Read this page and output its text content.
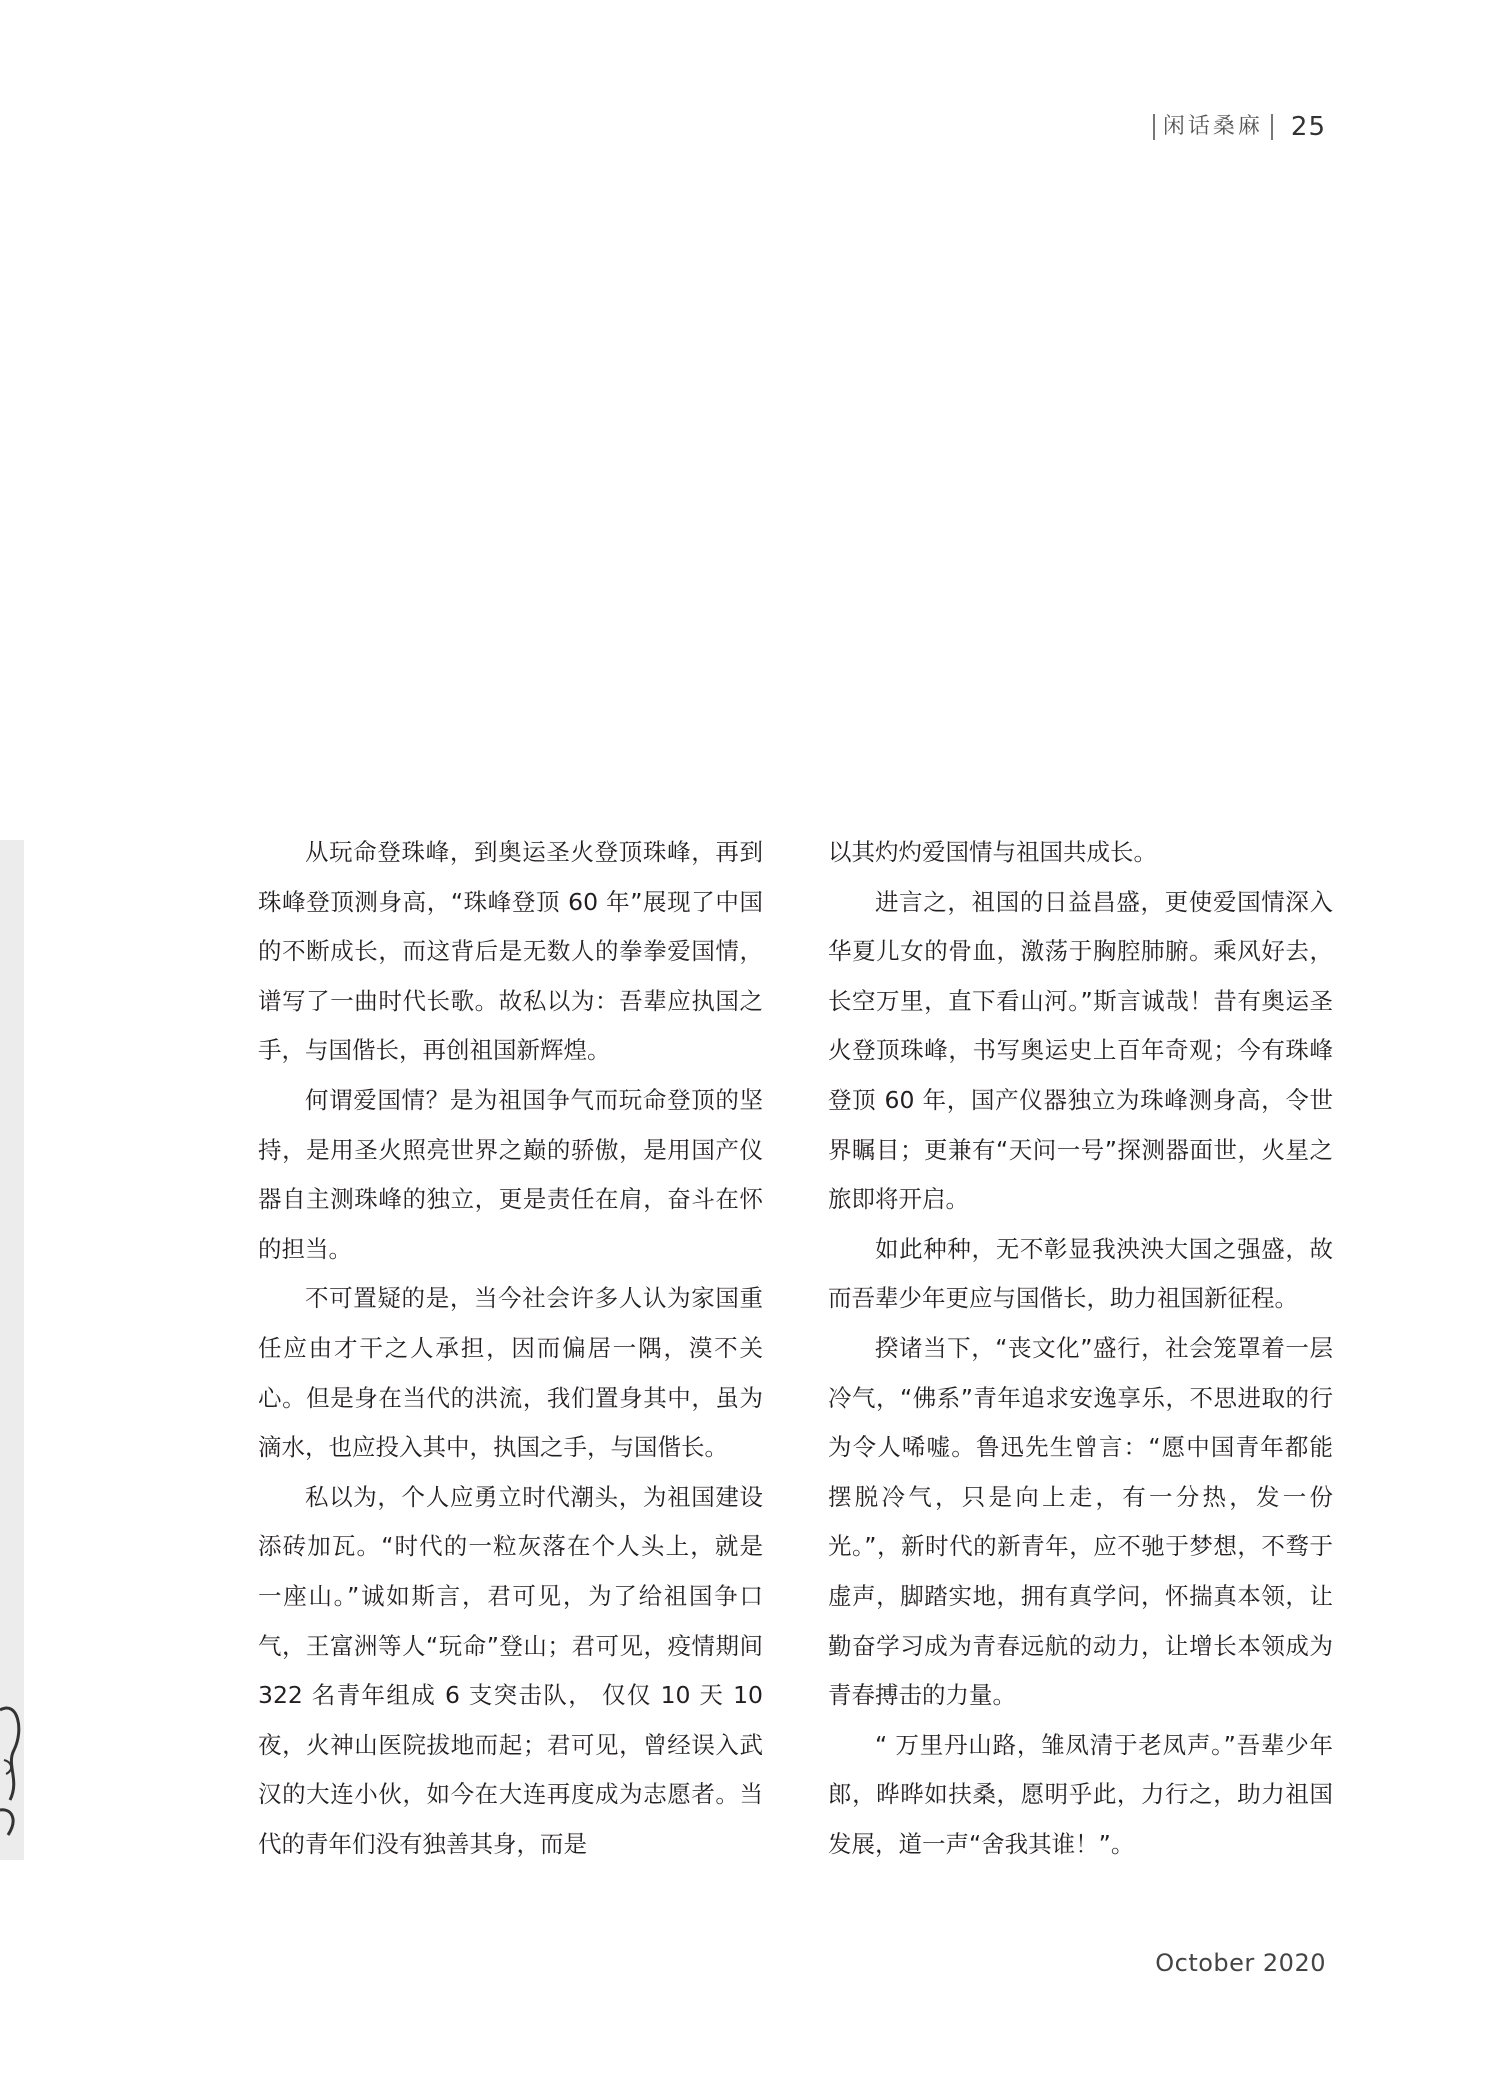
闲话桑麻	25

从玩命登珠峰，到奥运圣火登顶珠峰，再到珠峰登顶测身高，“珠峰登顶 60 年”展现了中国的不断成长，而这背后是无数人的拳拳爱国情，谱写了一曲时代长歌。故私以为：吾辈应执国之手，与国偕长，再创祖国新辉煌。

何谓爱国情？是为祖国争气而玩命登顶的坚持，是用圣火照亮世界之巅的骄傲，是用国产仪器自主测珠峰的独立，更是责任在肩，奋斗在怀的担当。

不可置疑的是，当今社会许多人认为家国重任应由才干之人承担，因而偏居一隅，漠不关心。但是身在当代的洪流，我们置身其中，虽为滴水，也应投入其中，执国之手，与国偕长。

私以为，个人应勇立时代潮头，为祖国建设添砖加瓦。“时代的一粒灰落在个人头上，就是一座山。”诚如斯言，君可见，为了给祖国争口气，王富洲等人“玩命”登山；君可见，疫情期间 322 名青年组成 6 支突击队， 仅仅 10 天 10 夜，火神山医院拔地而起；君可见，曾经误入武汉的大连小伙，如今在大连再度成为志愿者。当代的青年们没有独善其身，而是

以其灼灼爱国情与祖国共成长。

进言之，祖国的日益昌盛，更使爱国情深入华夏儿女的骨血，激荡于胸腔肺腑。乘风好去，长空万里，直下看山河。”斯言诚哉！昔有奥运圣火登顶珠峰，书写奥运史上百年奇观；今有珠峰登顶 60 年，国产仪器独立为珠峰测身高，令世界瞩目；更兼有“天问一号”探测器面世，火星之旅即将开启。

如此种种，无不彰显我泱泱大国之强盛，故而吾辈少年更应与国偕长，助力祖国新征程。

揆诸当下，“丧文化”盛行，社会笼罩着一层冷气，“佛系”青年追求安逸享乐，不思进取的行为令人唏嘘。鲁迅先生曾言：“愿中国青年都能摆脱冷气，只是向上走，有一分热，发一份光。”，新时代的新青年，应不驰于梦想，不骛于虚声，脚踏实地，拥有真学问，怀揣真本领，让勤奋学习成为青春远航的动力，让增长本领成为青春搏击的力量。

“ 万里丹山路，雏凤清于老凤声。”吾辈少年郎，晔晔如扶桑，愿明乎此，力行之，助力祖国发展，道一声“舍我其谁！”。

October 2020
